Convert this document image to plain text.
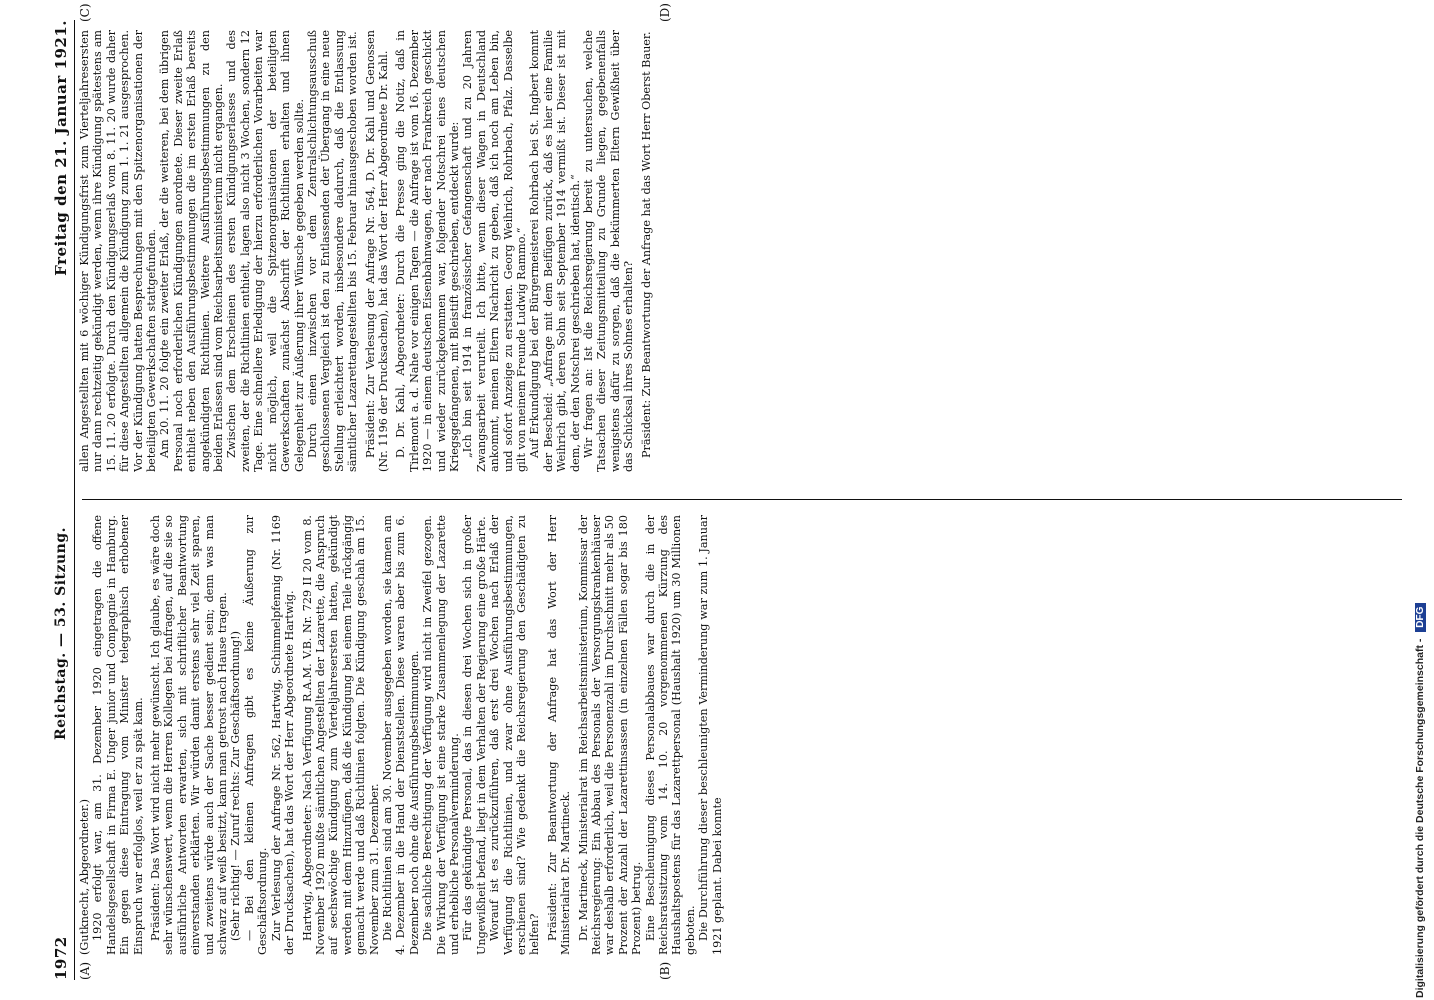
1972
Reichstag. — 53. Sitzung.
Freitag den 21. Januar 1921.
(A)	(B)
(C)	(D)

(Gutknecht, Abgeordneter.) 1920 erfolgt war, am 31. Dezember 1920 eingetragen die offene Handelsgesellschaft in Firma E. Unger junior und Compagnie in Hamburg. Ein gegen diese Eintragung vom Minister telegraphisch erhobener Einspruch war erfolglos, weil er zu spät kam. Präsident: Das Wort wird nicht mehr gewünscht. Ich glaube, es wäre doch sehr wünschenswert, wenn die Herren Kollegen bei Anfragen, auf die sie so ausführliche Antworten erwarten, sich mit schriftlicher Beantwortung einverstanden erklärten. Wir würden damit erstens sehr viel Zeit sparen, und zweitens würde auch der Sache besser gedient sein; denn was man schwarz auf weiß besitzt, kann man getrost nach Hause tragen. (Sehr richtig! — Zuruf rechts: Zur Geschäftsordnung!) — Bei den kleinen Anfragen gibt es keine Äußerung zur Geschäftsordnung. Zur Verlesung der Anfrage Nr. 562, Hartwig, Schimmelpfennig (Nr. 1169 der Drucksachen), hat das Wort der Herr Abgeordnete Hartwig. Hartwig, Abgeordneter: Nach Verfügung R.A.M. V.B. Nr. 729 II 20 vom 8. November 1920 mußte sämtlichen Angestellten der Lazarette, die Anspruch auf sechswöchige Kündigung zum Vierteljahresersten hatten, gekündigt werden mit dem Hinzufügen, daß die Kündigung bei einem Teile rückgängig gemacht werde und daß Richtlinien folgten. Die Kündigung geschah am 15. November zum 31. Dezember. Die Richtlinien sind am 30. November ausgegeben worden, sie kamen am 4. Dezember in die Hand der Dienststellen. Diese waren aber bis zum 6. Dezember noch ohne die Ausführungsbestimmungen. Die sachliche Berechtigung der Verfügung wird nicht in Zweifel gezogen. Die Wirkung der Verfügung ist eine starke Zusammenlegung der Lazarette und erhebliche Personalverminderung. Für das gekündigte Personal, das in diesen drei Wochen sich in großer Ungewißheit befand, liegt in dem Verhalten der Regierung eine große Härte. Worauf ist es zurückzuführen, daß erst drei Wochen nach Erlaß der Verfügung die Richtlinien, und zwar ohne Ausführungsbestimmungen, erschienen sind? Wie gedenkt die Reichsregierung den Geschädigten zu helfen? Präsident: Zur Beantwortung der Anfrage hat das Wort der Herr Ministerialrat Dr. Martineck. Dr. Martineck, Ministerialrat im Reichsarbeitsministerium, Kommissar der Reichsregierung: Ein Abbau des Personals der Versorgungskrankenhäuser war deshalb erforderlich, weil die Personenzahl im Durchschnitt mehr als 50 Prozent der Anzahl der Lazarettinsassen (in einzelnen Fällen sogar bis 180 Prozent) betrug. Eine Beschleunigung dieses Personalabbaues war durch die in der Reichsratssitzung vom 14. 10. 20 vorgenommenen Kürzung des Haushaltspostens für das Lazarettpersonal (Haushalt 1920) um 30 Millionen geboten. Die Durchführung dieser beschleunigten Verminderung war zum 1. Januar 1921 geplant. Dabei konnte

allen Angestellten mit 6 wöchiger Kündigungsfrist zum Vierteljahresersten nur dann rechtzeitig gekündigt werden, wenn ihre Kündigung spätestens am 15. 11. 20 erfolgte. Durch den Kündigungserlaß vom 8. 11. 20 wurde daher für diese Angestellten allgemein die Kündigung zum 1. 1. 21 ausgesprochen. Vor der Kündigung hatten Besprechungen mit den Spitzenorganisationen der beteiligten Gewerkschaften stattgefunden. Am 20. 11. 20 folgte ein zweiter Erlaß, der die weiteren, bei dem übrigen Personal noch erforderlichen Kündigungen anordnete. Dieser zweite Erlaß enthielt neben den Ausführungsbestimmungen die im ersten Erlaß bereits angekündigten Richtlinien. Weitere Ausführungsbestimmungen zu den beiden Erlassen sind vom Reichsarbeitsministerium nicht ergangen. Zwischen dem Erscheinen des ersten Kündigungserlasses und des zweiten, der die Richtlinien enthielt, lagen also nicht 3 Wochen, sondern 12 Tage. Eine schnellere Erledigung der hierzu erforderlichen Vorarbeiten war nicht möglich, weil die Spitzenorganisationen der beteiligten Gewerkschaften zunächst Abschrift der Richtlinien erhalten und ihnen Gelegenheit zur Äußerung ihrer Wünsche gegeben werden sollte. Durch einen inzwischen vor dem Zentralschlichtungsausschuß geschlossenen Vergleich ist den zu Entlassenden der Übergang in eine neue Stellung erleichtert worden, insbesondere dadurch, daß die Entlassung sämtlicher Lazarettangestellten bis 15. Februar hinausgeschoben worden ist. Präsident: Zur Verlesung der Anfrage Nr. 564, D. Dr. Kahl und Genossen (Nr. 1196 der Drucksachen), hat das Wort der Herr Abgeordnete Dr. Kahl. D. Dr. Kahl, Abgeordneter: Durch die Presse ging die Notiz, daß in Tirlemont a. d. Nahe vor einigen Tagen — die Anfrage ist vom 16. Dezember 1920 — in einem deutschen Eisenbahnwagen, der nach Frankreich geschickt und wieder zurückgekommen war, folgender Notschrei eines deutschen Kriegsgefangenen, mit Bleistift geschrieben, entdeckt wurde: „Ich bin seit 1914 in französischer Gefangenschaft und zu 20 Jahren Zwangsarbeit verurteilt. Ich bitte, wenn dieser Wagen in Deutschland ankommt, meinen Eltern Nachricht zu geben, daß ich noch am Leben bin, und sofort Anzeige zu erstatten. Georg Weihrich, Rohrbach, Pfalz. Dasselbe gilt von meinem Freunde Ludwig Rammo.“ Auf Erkundigung bei der Bürgermeisterei Rohrbach bei St. Ingbert kommt der Bescheid: „Anfrage mit dem Beifügen zurück, daß es hier eine Familie Weihrich gibt, deren Sohn seit September 1914 vermißt ist. Dieser ist mit dem, der den Notschrei geschrieben hat, identisch.“ Wir fragen an: Ist die Reichsregierung bereit zu untersuchen, welche Tatsachen dieser Zeitungsmitteilung zu Grunde liegen, gegebenenfalls wenigstens dafür zu sorgen, daß die bekümmerten Eltern Gewißheit über das Schicksal ihres Sohnes erhalten? Präsident: Zur Beantwortung der Anfrage hat das Wort Herr Oberst Bauer.

Digitalisierung gefördert durch die Deutsche Forschungsgemeinschaft - DFG
